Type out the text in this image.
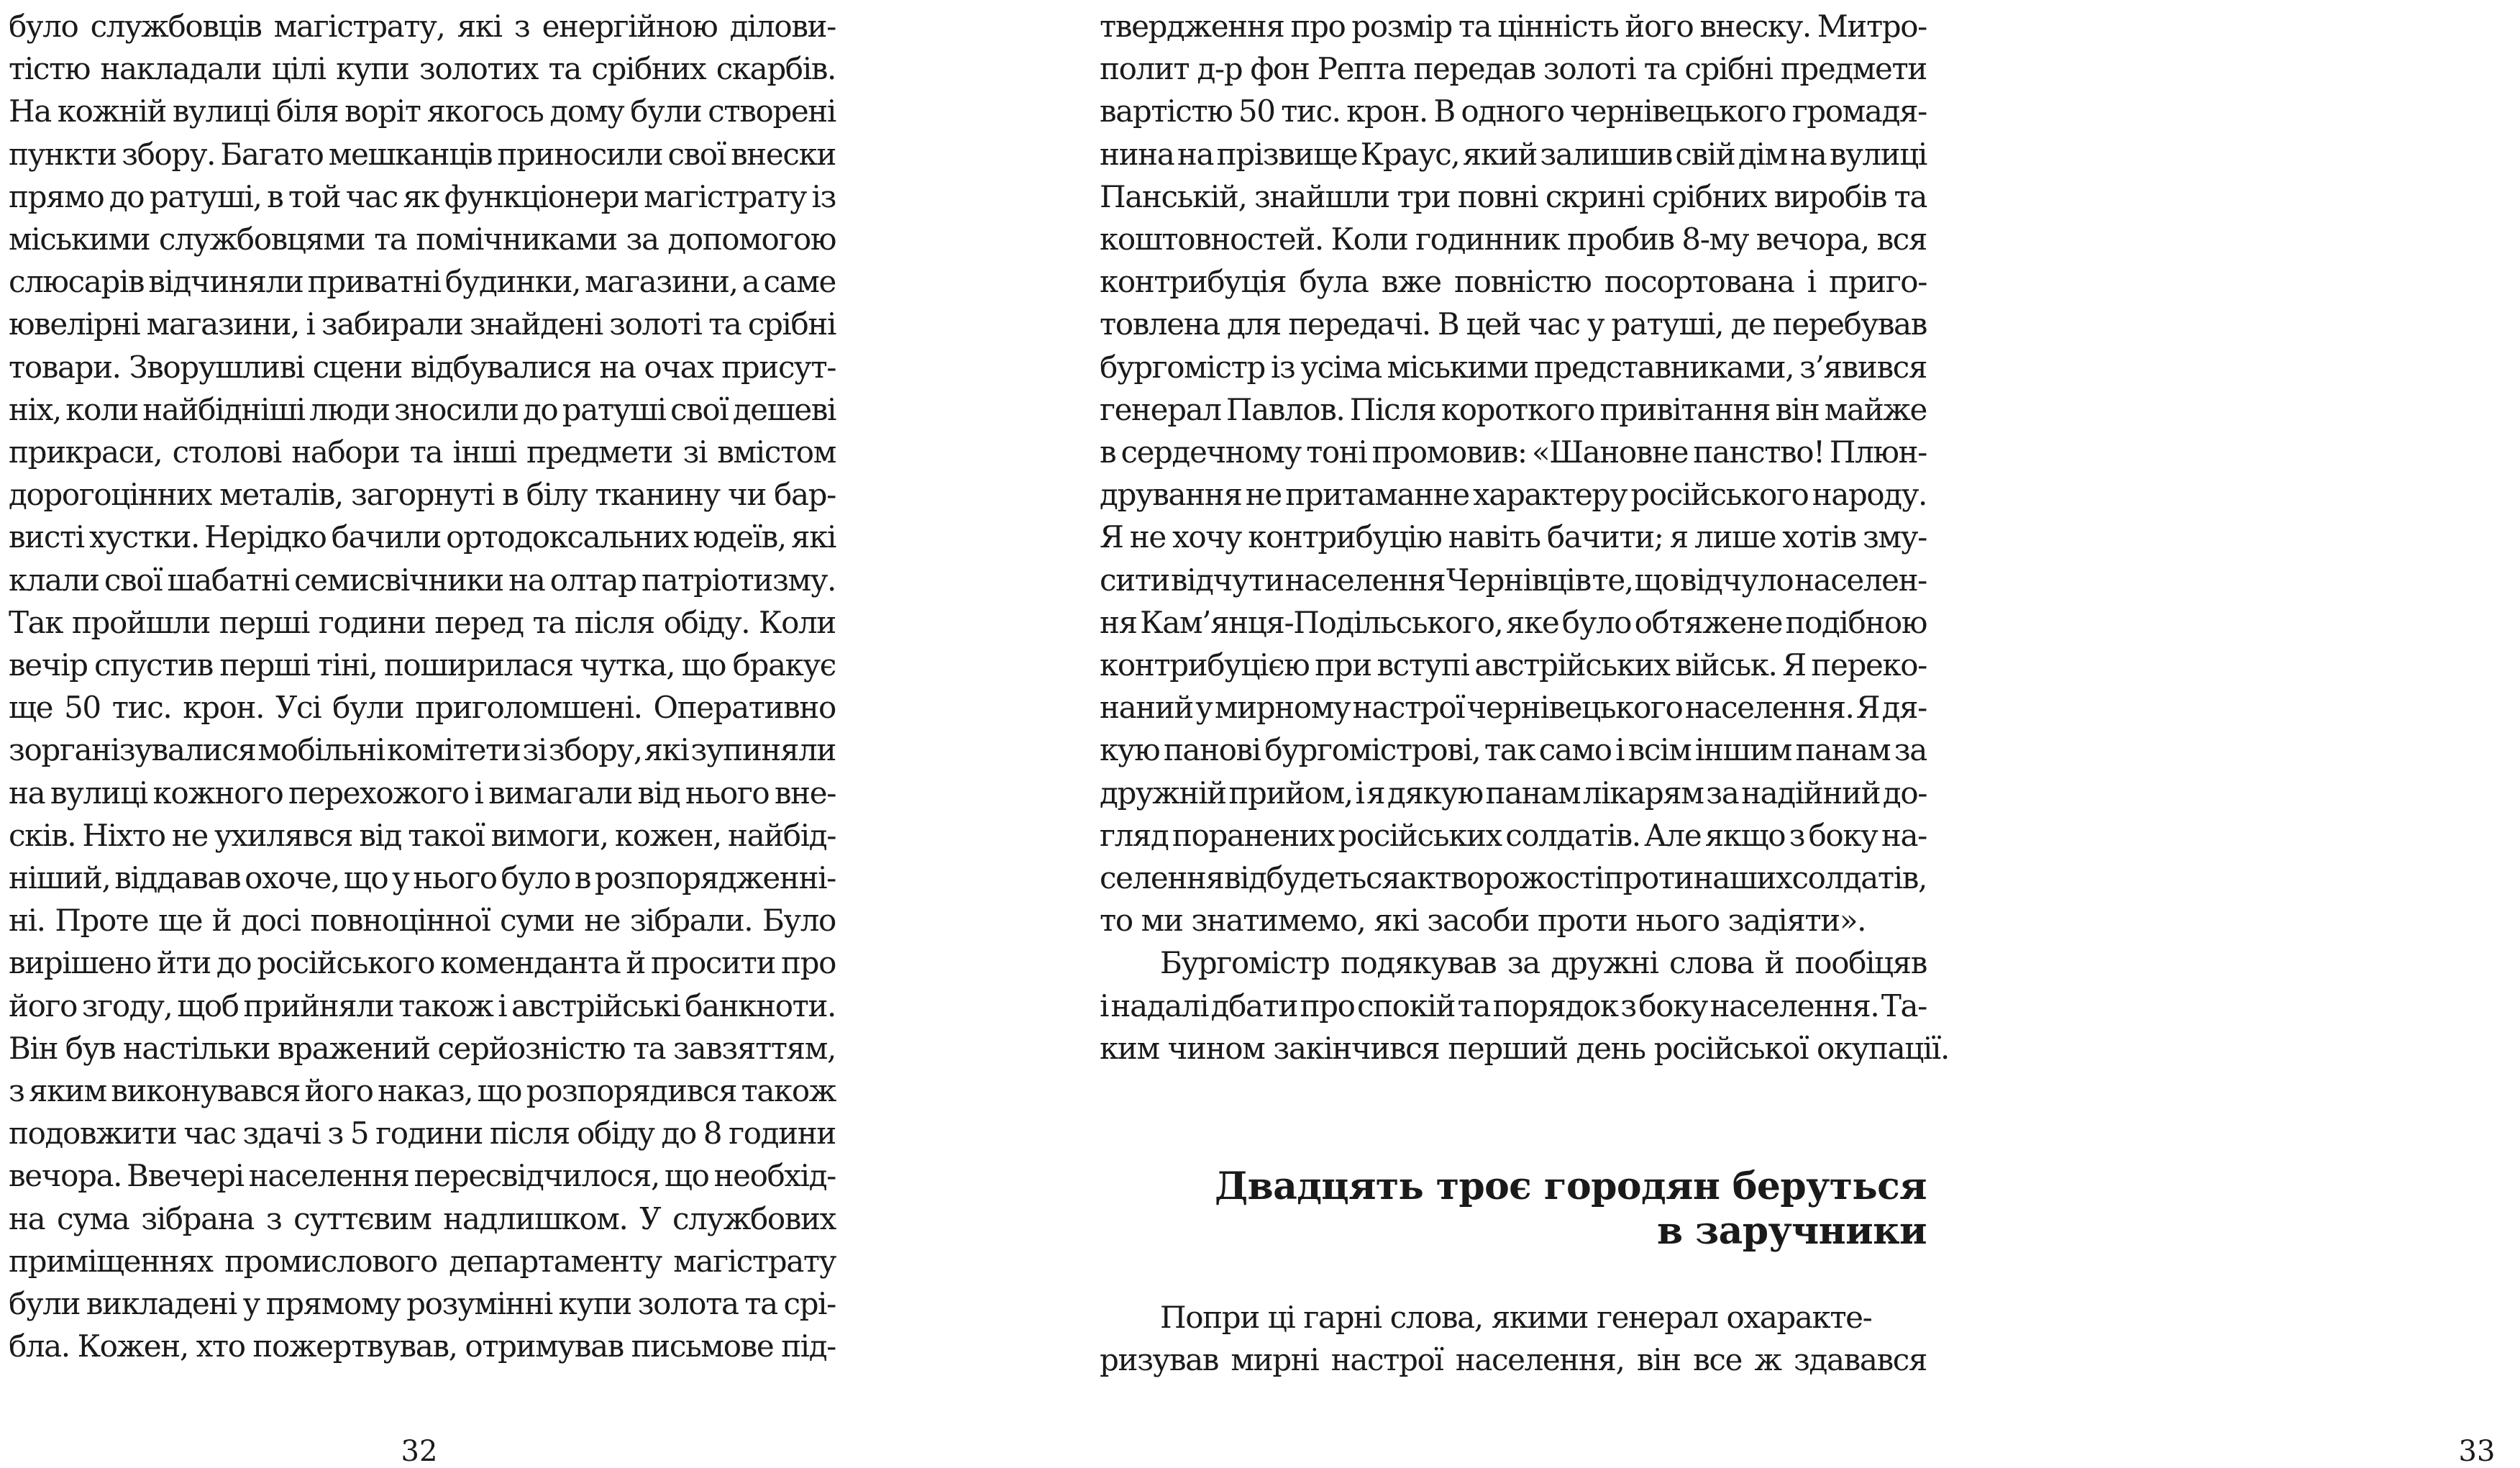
було службовців магістрату, які з енергійною ділови-
тістю накладали цілі купи золотих та срібних скарбів.
На кожній вулиці біля воріт якогось дому були створені
пункти збору. Багато мешканців приносили свої внески
прямо до ратуші, в той час як функціонери магістрату із
міськими службовцями та помічниками за допомогою
слюсарів відчиняли приватні будинки, магазини, а саме
ювелірні магазини, і забирали знайдені золоті та срібні
товари. Зворушливі сцени відбувалися на очах присут-
ніх, коли найбідніші люди зносили до ратуші свої дешеві
прикраси, столові набори та інші предмети зі вмістом
дорогоцінних металів, загорнуті в білу тканину чи бар-
висті хустки. Нерідко бачили ортодоксальних юдеїв, які
клали свої шабатні семисвічники на олтар патріотизму.
Так пройшли перші години перед та після обіду. Коли
вечір спустив перші тіні, поширилася чутка, що бракує
ще 50 тис. крон. Усі були приголомшені. Оперативно
зорганізувалися мобільні комітети зі збору, які зупиняли
на вулиці кожного перехожого і вимагали від нього вне-
сків. Ніхто не ухилявся від такої вимоги, кожен, найбід-
ніший, віддавав охоче, що у нього було в розпорядженні-
ні. Проте ще й досі повноцінної суми не зібрали. Було
вирішено йти до російського коменданта й просити про
його згоду, щоб прийняли також і австрійські банкноти.
Він був настільки вражений серйозністю та завзяттям,
з яким виконувався його наказ, що розпорядився також
подовжити час здачі з 5 години після обіду до 8 години
вечора. Ввечері населення пересвідчилося, що необхід-
на сума зібрана з суттєвим надлишком. У службових
приміщеннях промислового департаменту магістрату
були викладені у прямому розумінні купи золота та срі-
бла. Кожен, хто пожертвував, отримував письмове під-
32
твердження про розмір та цінність його внеску. Митро-
полит д-р фон Репта передав золоті та срібні предмети
вартістю 50 тис. крон. В одного чернівецького громадя-
нина на прізвище Краус, який залишив свій дім на вулиці
Панській, знайшли три повні скрині срібних виробів та
коштовностей. Коли годинник пробив 8-му вечора, вся
контрибуція була вже повністю посортована і приго-
товлена для передачі. В цей час у ратуші, де перебував
бургомістр із усіма міськими представниками, з’явився
генерал Павлов. Після короткого привітання він майже
в сердечному тоні промовив: «Шановне панство! Плюн-
дрування не притаманне характеру російського народу.
Я не хочу контрибуцію навіть бачити; я лише хотів зму-
сити відчути населення Чернівців те, що відчуло населен-
ня Кам’янця-Подільського, яке було обтяжене подібною
контрибуцією при вступі австрійських військ. Я переко-
наний у мирному настрої чернівецького населення. Я дя-
кую панові бургомістрові, так само і всім іншим панам за
дружній прийом, і я дякую панам лікарям за надійний до-
гляд поранених російських солдатів. Але якщо з боку на-
селення відбудеться акт ворожості проти наших солдатів,
то ми знатимемо, які засоби проти нього задіяти».
Бургомістр подякував за дружні слова й пообіцяв
і надалі дбати про спокій та порядок з боку населення. Та-
ким чином закінчився перший день російської окупації.
Двадцять троє городян беруться
в заручники
Попри ці гарні слова, якими генерал охаракте-
ризував мирні настрої населення, він все ж здавався
33
